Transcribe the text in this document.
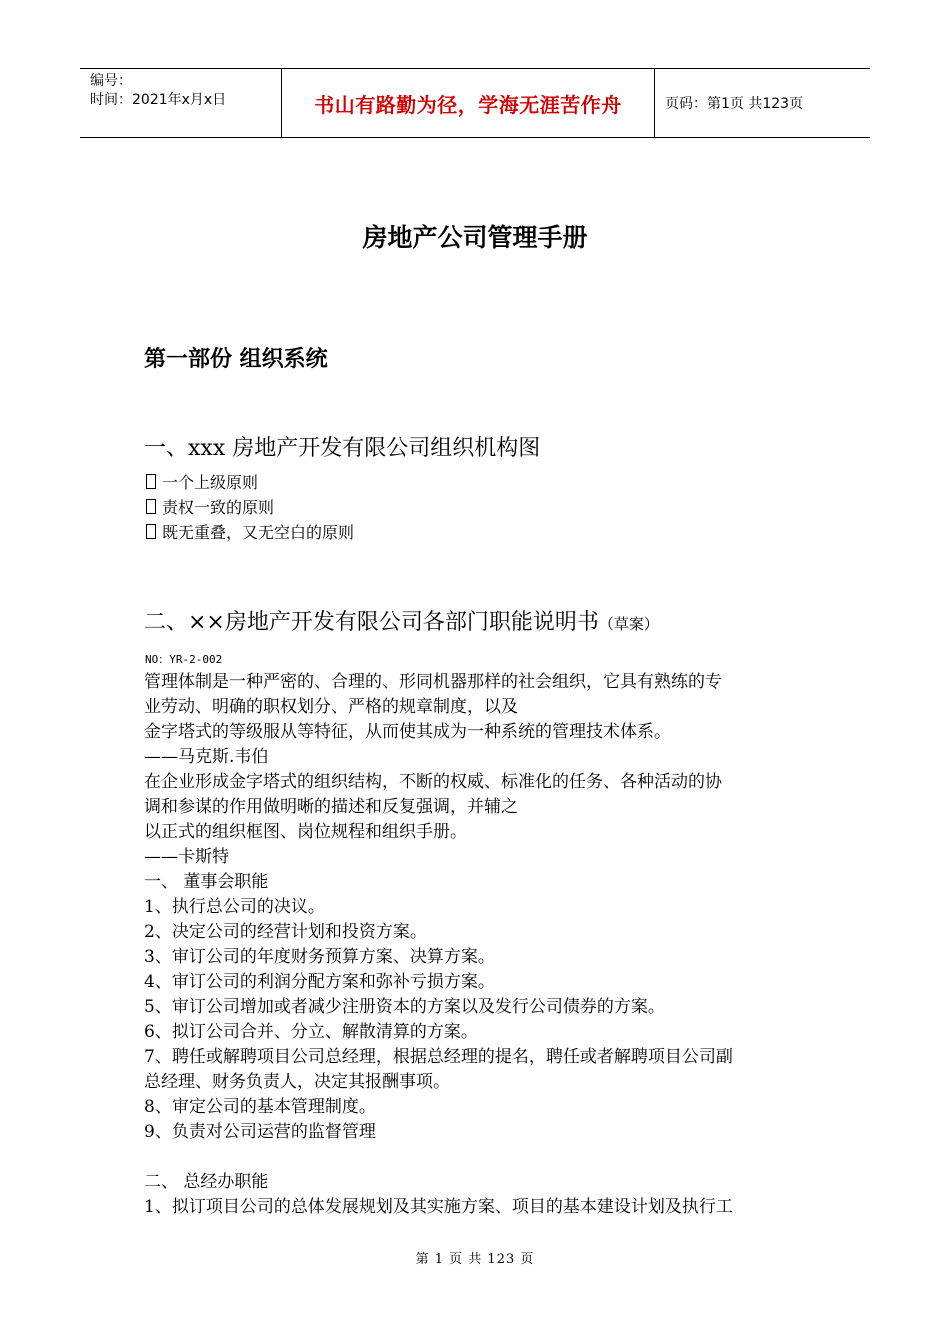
编号：
时间：2021年x月x日	书山有路勤为径，学海无涯苦作舟	页码：第1页 共123页
房地产公司管理手册
第一部份 组织系统
一、xxx 房地产开发有限公司组织机构图
一个上级原则
责权一致的原则
既无重叠，又无空白的原则
二、××房地产开发有限公司各部门职能说明书（草案）
NO：YR-2-002
管理体制是一种严密的、合理的、形同机器那样的社会组织，它具有熟练的专
业劳动、明确的职权划分、严格的规章制度，以及
金字塔式的等级服从等特征，从而使其成为一种系统的管理技术体系。
——马克斯.韦伯
在企业形成金字塔式的组织结构，不断的权威、标准化的任务、各种活动的协
调和参谋的作用做明晰的描述和反复强调，并辅之
以正式的组织框图、岗位规程和组织手册。
——卡斯特
一、 董事会职能
1、执行总公司的决议。
2、决定公司的经营计划和投资方案。
3、审订公司的年度财务预算方案、决算方案。
4、审订公司的利润分配方案和弥补亏损方案。
5、审订公司增加或者减少注册资本的方案以及发行公司债券的方案。
6、拟订公司合并、分立、解散清算的方案。
7、聘任或解聘项目公司总经理，根据总经理的提名，聘任或者解聘项目公司副
总经理、财务负责人，决定其报酬事项。
8、审定公司的基本管理制度。
9、负责对公司运营的监督管理
二、 总经办职能
1、拟订项目公司的总体发展规划及其实施方案、项目的基本建设计划及执行工
第 1 页 共 123 页
